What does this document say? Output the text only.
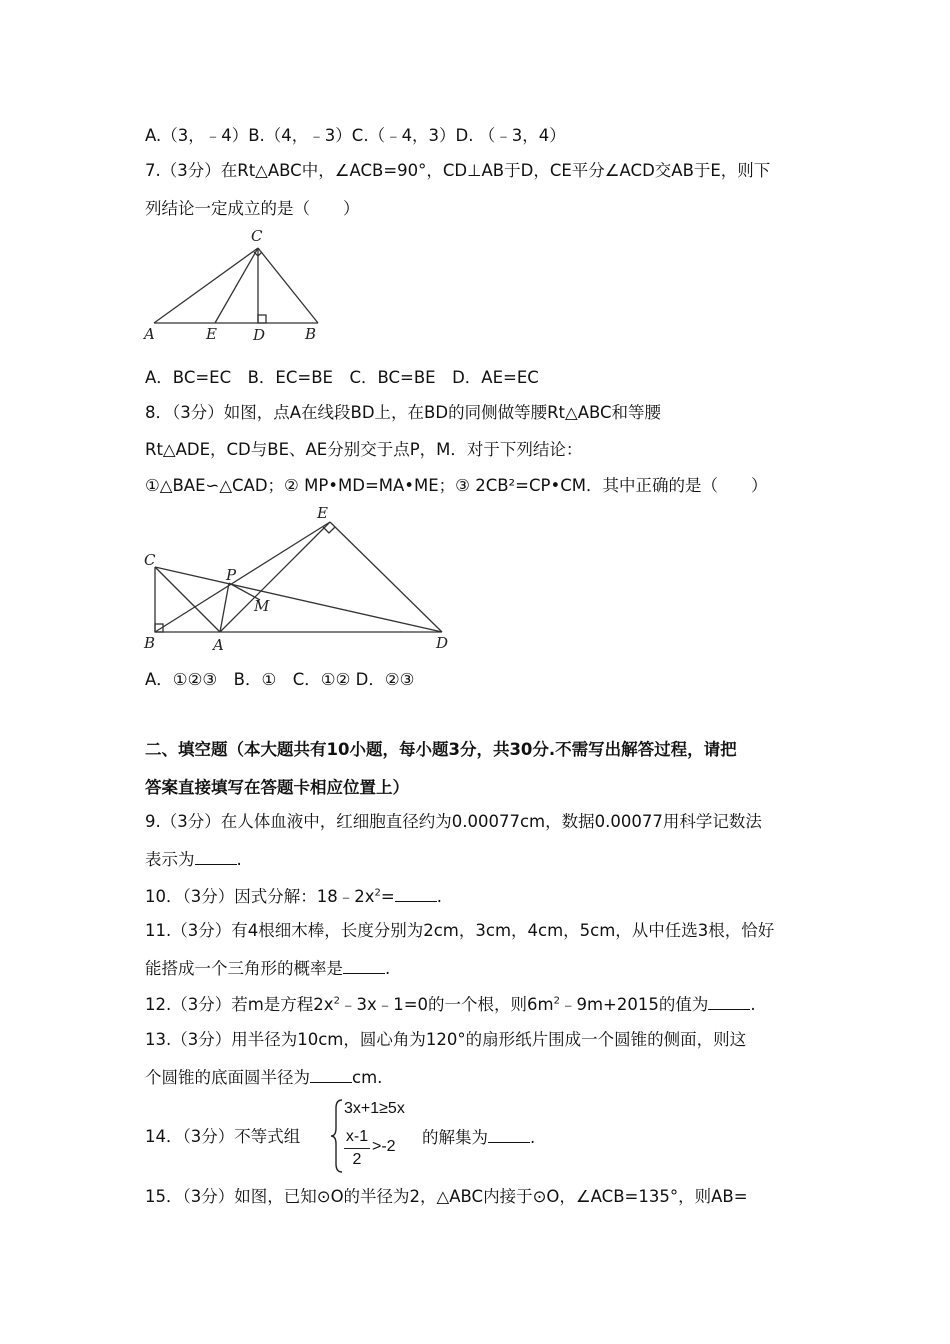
A.（3，﹣4）B.（4，﹣3）C.（﹣4，3）D. （﹣3，4）
7.（3分）在Rt△ABC中，∠ACB=90°，CD⊥AB于D，CE平分∠ACD交AB于E，则下
列结论一定成立的是（　　）
C
A	E D	B
A．BC=EC　B．EC=BE　C．BC=BE　D．AE=EC
8．（3分）如图，点A在线段BD上，在BD的同侧做等腰Rt△ABC和等腰
Rt△ADE，CD与BE、AE分别交于点P，M．对于下列结论：
①△BAE∽△CAD；② MP•MD=MA•ME；③ 2CB²=CP•CM．其中正确的是（　　）
E
C
P
M
B	A	D
A．①②③　B．①　C．①② D．②③
二、填空题（本大题共有10小题，每小题3分，共30分.不需写出解答过程，请把
答案直接填写在答题卡相应位置上）
9.（3分）在人体血液中，红细胞直径约为0.00077cm，数据0.00077用科学记数法
表示为	.
10．（3分）因式分解：$18﹣2x^2=$	.
11.（3分）有4根细木棒，长度分别为2cm，3cm，4cm，5cm，从中任选3根，恰好
能搭成一个三角形的概率是	.
12.（3分）若m是方程$2x^2﹣3x﹣1=0$的一个根，则$6m^2﹣9m+2015$的值为	.
13.（3分）用半径为10cm，圆心角为120°的扇形纸片围成一个圆锥的侧面，则这
个圆锥的底面圆半径为	cm.
14．（3分）不等式组
3x+1≥5x
x-1
2
>-2 的解集为	.
15．（3分）如图，已知⊙O的半径为2，△ABC内接于⊙O，∠ACB=135°，则AB=
